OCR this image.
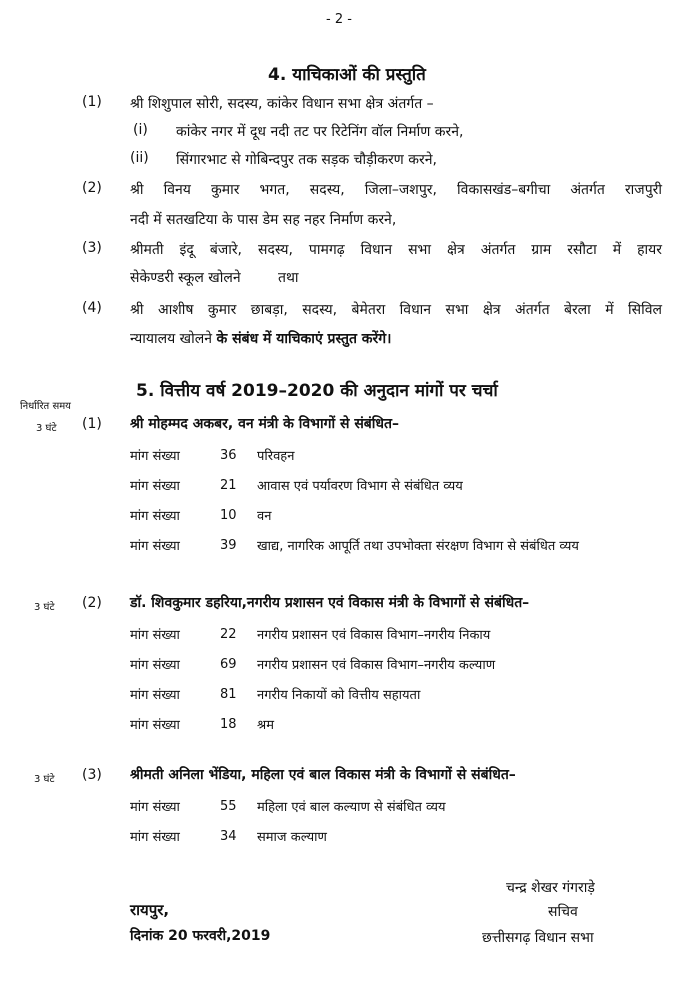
- 2 -
4. याचिकाओं की प्रस्तुति
(1) श्री शिशुपाल सोरी, सदस्य, कांकेर विधान सभा क्षेत्र अंतर्गत –
(i) कांकेर नगर में दूध नदी तट पर रिटेनिंग वॉल निर्माण करने,
(ii) सिंगारभाट से गोबिन्दपुर तक सड़क चौड़ीकरण करने,
(2) श्री विनय कुमार भगत, सदस्य, जिला–जशपुर, विकासखंड–बगीचा अंतर्गत राजपुरी
नदी में सतखटिया के पास डेम सह नहर निर्माण करने,
(3) श्रीमती इंदू बंजारे, सदस्य, पामगढ़ विधान सभा क्षेत्र अंतर्गत ग्राम रसौटा में हायर
सेकेण्डरी स्कूल खोलने	तथा
(4) श्री आशीष कुमार छाबड़ा, सदस्य, बेमेतरा विधान सभा क्षेत्र अंतर्गत बेरला में सिविल
न्यायालय खोलने के संबंध में याचिकाएं प्रस्तुत करेंगे।
5. वित्तीय वर्ष 2019–2020 की अनुदान मांगों पर चर्चा
निर्धारित समय
3 घंटे (1) श्री मोहम्मद अकबर, वन मंत्री के विभागों से संबंधित–
मांग संख्या	36 परिवहन
मांग संख्या	21 आवास एवं पर्यावरण विभाग से संबंधित व्यय
मांग संख्या	10 वन
मांग संख्या	39 खाद्य, नागरिक आपूर्ति तथा उपभोक्ता संरक्षण विभाग से संबंधित व्यय
3 घंटे (2) डॉ. शिवकुमार डहरिया,नगरीय प्रशासन एवं विकास मंत्री के विभागों से संबंधित–
मांग संख्या	22 नगरीय प्रशासन एवं विकास विभाग–नगरीय निकाय
मांग संख्या	69 नगरीय प्रशासन एवं विकास विभाग–नगरीय कल्याण
मांग संख्या	81 नगरीय निकायों को वित्तीय सहायता
मांग संख्या	18 श्रम
3 घंटे (3) श्रीमती अनिला भेंडिया, महिला एवं बाल विकास मंत्री के विभागों से संबंधित–
मांग संख्या	55 महिला एवं बाल कल्याण से संबंधित व्यय
मांग संख्या	34 समाज कल्याण
रायपुर,
दिनांक 20 फरवरी,2019
चन्द्र शेखर गंगराड़े
सचिव
छत्तीसगढ़ विधान सभा
